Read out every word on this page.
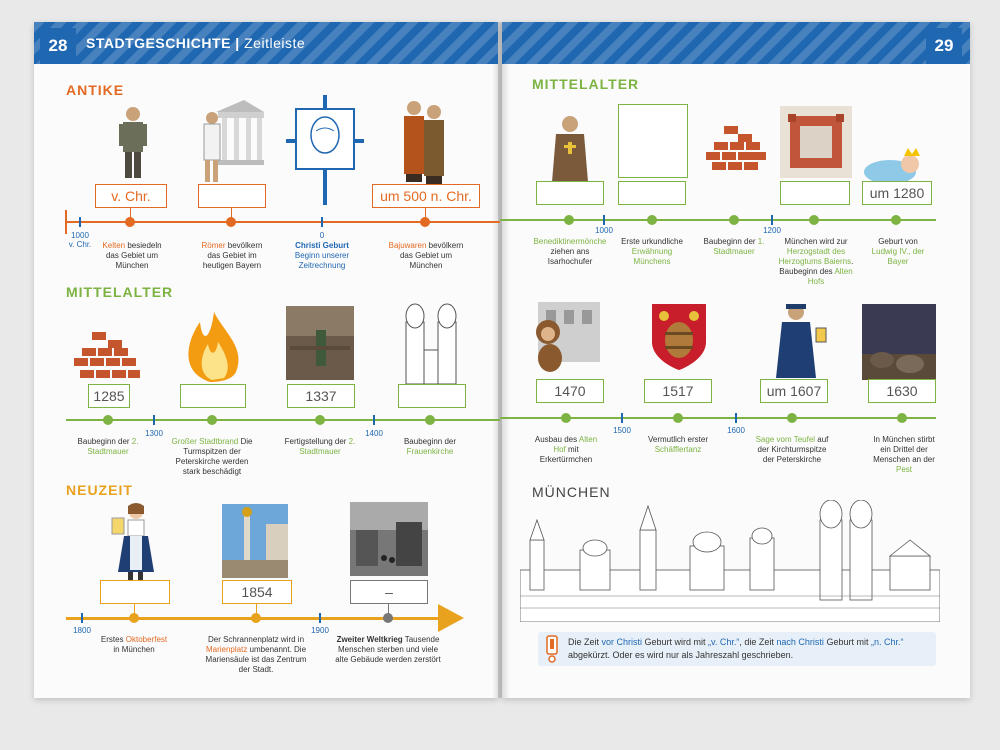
28	29
STADTGESCHICHTE | Zeitleiste
ANTIKE
v. Chr.	um 500 n. Chr.
1000
v. Chr.
0
Kelten besiedeln das Gebiet um München
Römer bevölkern das Gebiet im heutigen Bayern
Christi Geburt
Beginn unserer Zeitrechnung
Bajuwaren bevölkern das Gebiet um München
MITTELALTER
um 1280
1000	1200
Benediktinermönche ziehen ans Isarhochufer
Erste urkundliche Erwähnung Münchens
Baubeginn der 1. Stadtmauer
München wird zur Herzogstadt des Herzogtums Baierns. Baubeginn des Alten Hofs
Geburt von Ludwig IV., der Bayer
MITTELALTER
1285	1337
1300	1400
Baubeginn der 2. Stadtmauer
Großer Stadtbrand Die Turmspitzen der Peterskirche werden stark beschädigt
Fertigstellung der 2. Stadtmauer
Baubeginn der Frauenkirche
1470	1517	um 1607	1630
1500	1600
Ausbau des Alten Hof mit Erkertürmchen
Vermutlich erster Schäfflertanz
Sage vom Teufel auf der Kirchturmspitze der Peterskirche
In München stirbt ein Drittel der Menschen an der Pest
NEUZEIT
1854	–
1800	1900
Erstes Oktoberfest in München
Der Schrannenplatz wird in Marienplatz umbenannt. Die Mariensäule ist das Zentrum der Stadt.
Zweiter Weltkrieg Tausende Menschen sterben und viele alte Gebäude werden zerstört
MÜNCHEN
Die Zeit vor Christi Geburt wird mit „v. Chr.“, die Zeit nach Christi Geburt mit „n. Chr.“ abgekürzt. Oder es wird nur als Jahreszahl geschrieben.
